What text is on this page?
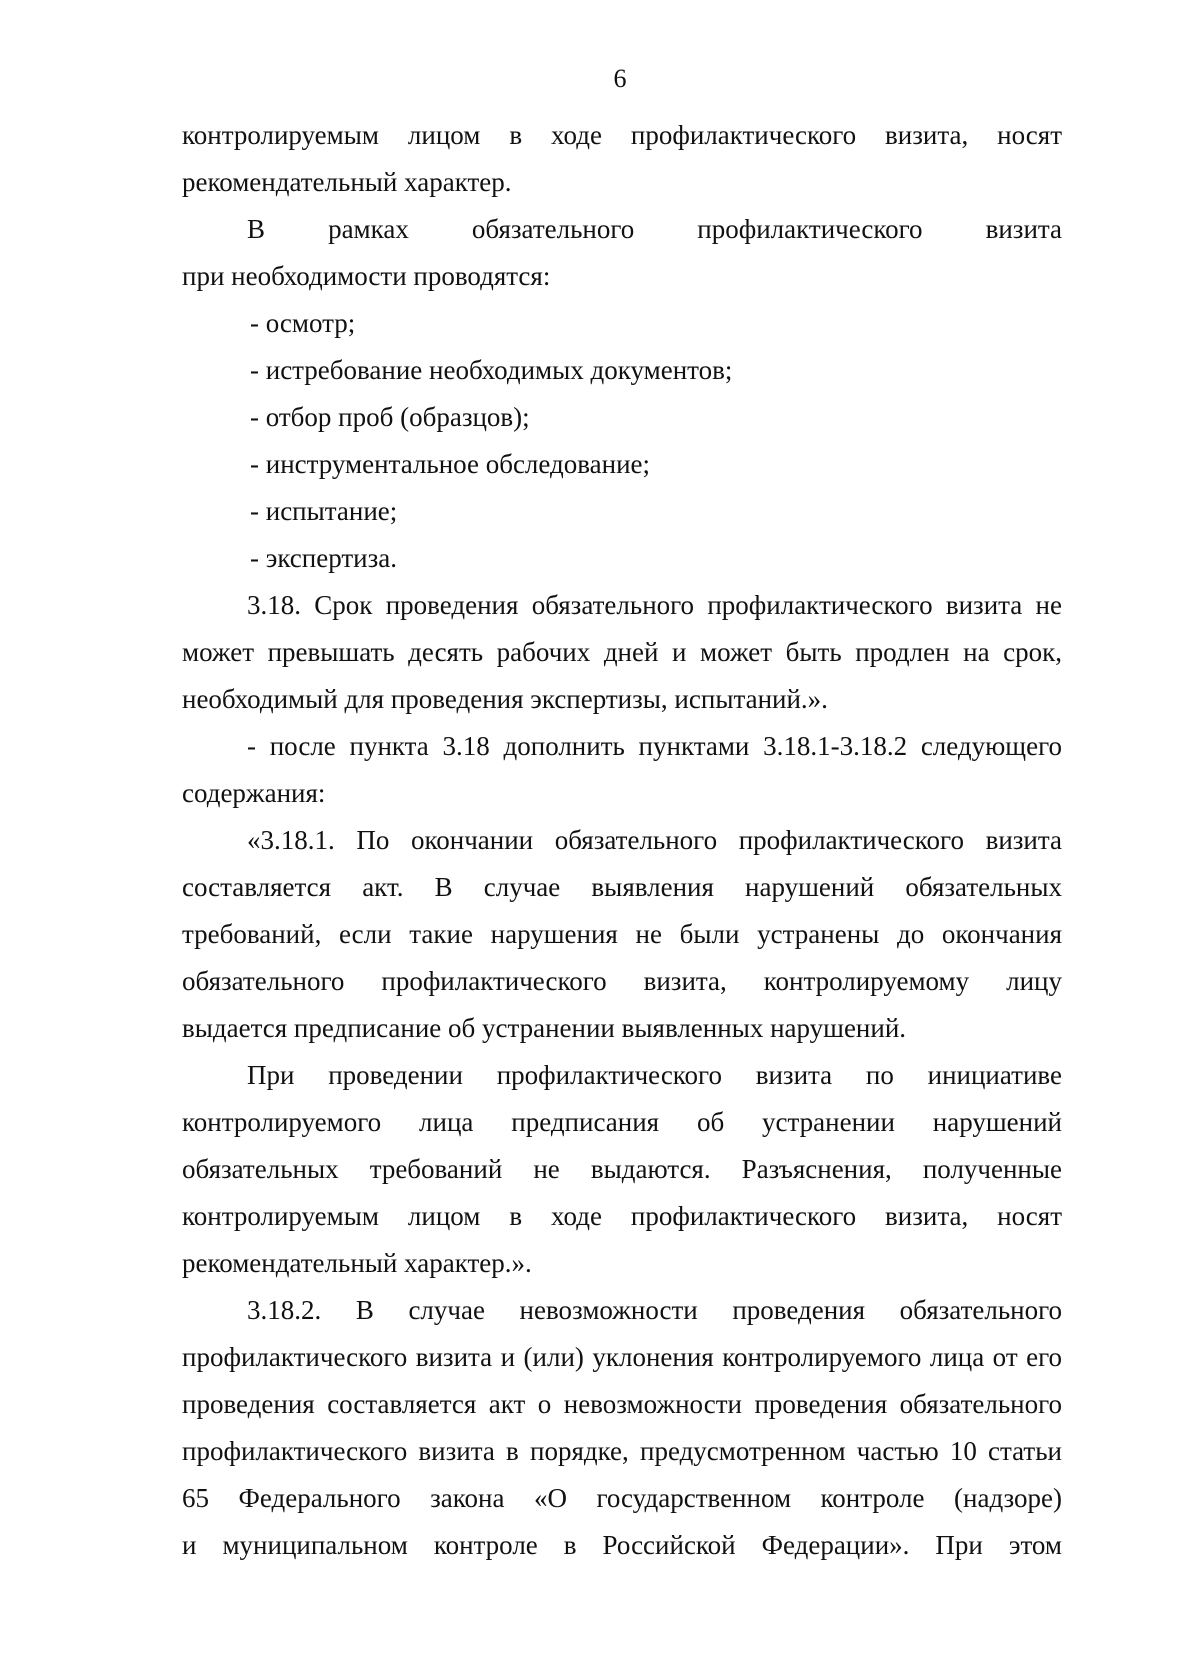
6
контролируемым лицом в ходе профилактического визита, носят
рекомендательный характер.
В рамках обязательного профилактического визита
при необходимости проводятся:
- осмотр;
- истребование необходимых документов;
- отбор проб (образцов);
- инструментальное обследование;
- испытание;
- экспертиза.
3.18. Срок проведения обязательного профилактического визита не
может превышать десять рабочих дней и может быть продлен на срок,
необходимый для проведения экспертизы, испытаний.».
- после пункта 3.18 дополнить пунктами 3.18.1-3.18.2 следующего
содержания:
«3.18.1. По окончании обязательного профилактического визита
составляется акт. В случае выявления нарушений обязательных
требований, если такие нарушения не были устранены до окончания
обязательного профилактического визита, контролируемому лицу
выдается предписание об устранении выявленных нарушений.
При проведении профилактического визита по инициативе
контролируемого лица предписания об устранении нарушений
обязательных требований не выдаются. Разъяснения, полученные
контролируемым лицом в ходе профилактического визита, носят
рекомендательный характер.».
3.18.2. В случае невозможности проведения обязательного
профилактического визита и (или) уклонения контролируемого лица от его
проведения составляется акт о невозможности проведения обязательного
профилактического визита в порядке, предусмотренном частью 10 статьи
65 Федерального закона «О государственном контроле (надзоре)
и муниципальном контроле в Российской Федерации». При этом
